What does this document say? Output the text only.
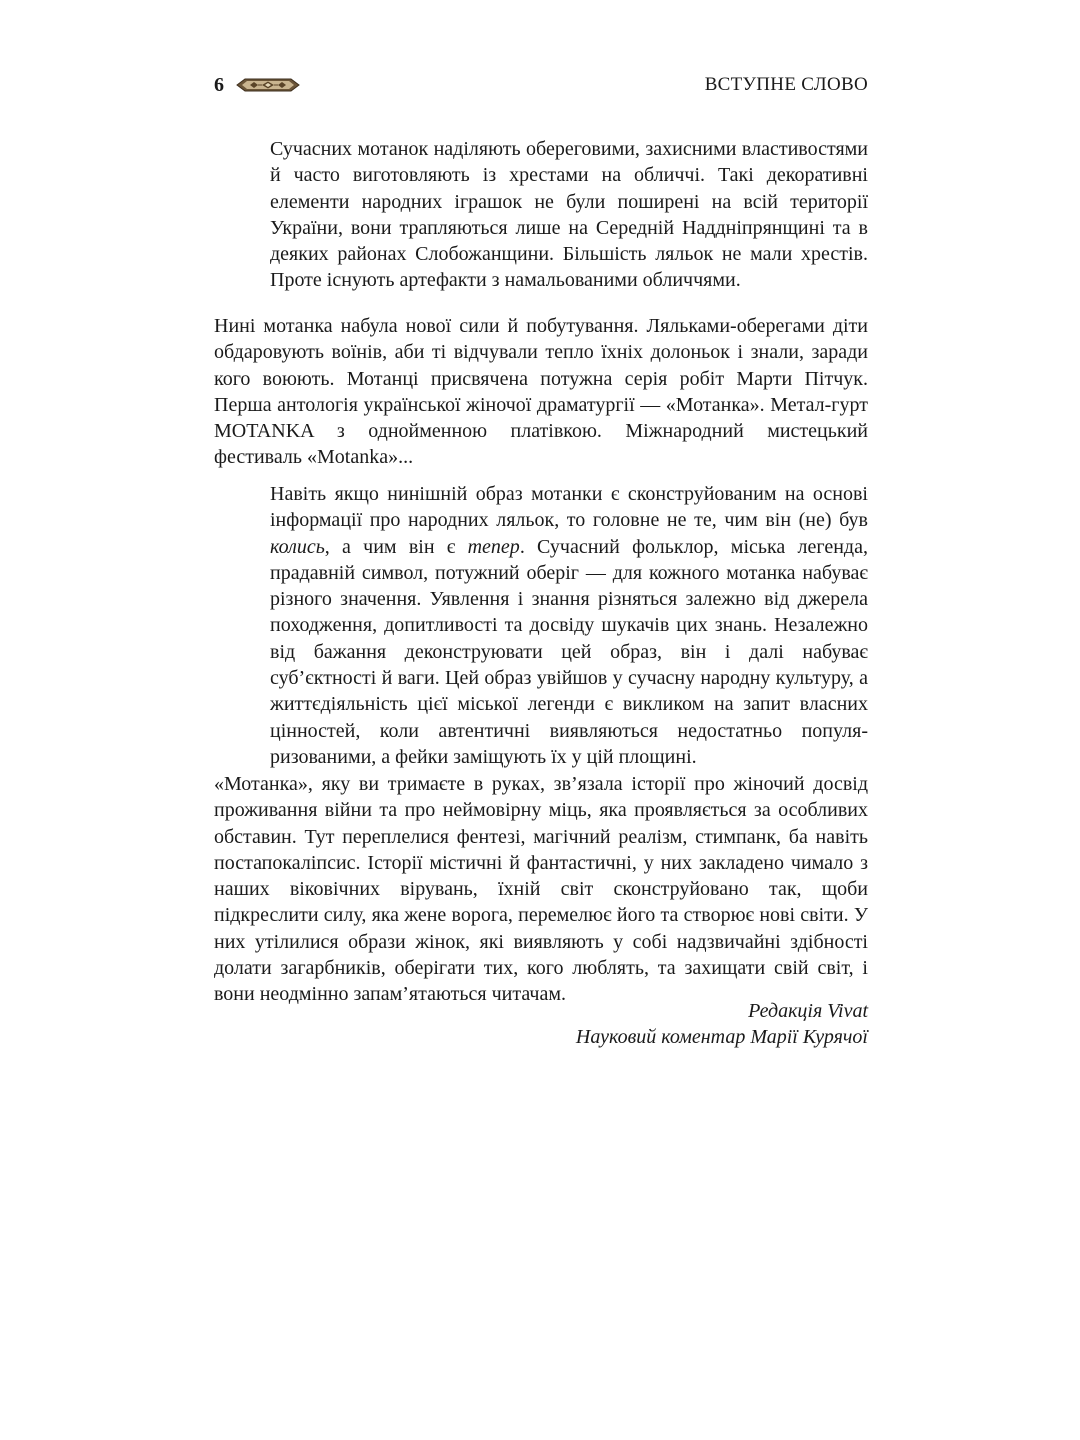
6	ВСТУПНЕ СЛОВО

Сучасних мотанок наділяють обереговими, захисними властивостями й часто виготовляють із хрестами на обличчі. Такі декоративні елементи народних іграшок не були поширені на всій території України, вони трапляються лише на Середній Наддніпрянщині та в деяких районах Слобожанщини. Більшість ляльок не мали хрестів. Проте існують артефакти з намальованими обличчями.

Нині мотанка набула нової сили й побутування. Ляльками-оберегами діти обдаровують воїнів, аби ті відчували тепло їхніх долоньок і знали, заради кого воюють. Мотанці присвячена потужна серія робіт Марти Пітчук. Перша антологія української жіночої драматургії — «Мотанка». Метал-гурт MOTANKA з однойменною платівкою. Міжнародний мистецький фестиваль «Motanka»...

Навіть якщо нинішній образ мотанки є сконструйованим на основі інформації про народних ляльок, то головне не те, чим він (не) був колись, а чим він є тепер. Сучасний фольклор, міська легенда, прадавній символ, потужний оберіг — для кожного мотанка набуває різного значення. Уявлення і знання різняться залежно від джерела походження, допитливості та досвіду шукачів цих знань. Незалежно від бажання деконструювати цей образ, він і далі набуває суб’єктності й ваги. Цей образ увійшов у сучасну народну культуру, а життєдіяльність цієї міської легенди є викликом на запит власних цінностей, коли автентичні виявляються недостатньо популяризованими, а фейки заміщують їх у цій площині.

«Мотанка», яку ви тримаєте в руках, зв’язала історії про жіночий досвід проживання війни та про неймовірну міць, яка проявляється за особливих обставин. Тут переплелися фентезі, магічний реалізм, стимпанк, ба навіть постапокаліпсис. Історії містичні й фантастичні, у них закладено чимало з наших віковічних вірувань, їхній світ сконструйовано так, щоби підкреслити силу, яка жене ворога, перемелює його та створює нові світи. У них утілилися образи жінок, які виявляють у собі надзвичайні здібності долати загарбників, оберігати тих, кого люблять, та захищати свій світ, і вони неодмінно запам’ятаються читачам.

Редакція Vivat
Науковий коментар Марії Курячої
